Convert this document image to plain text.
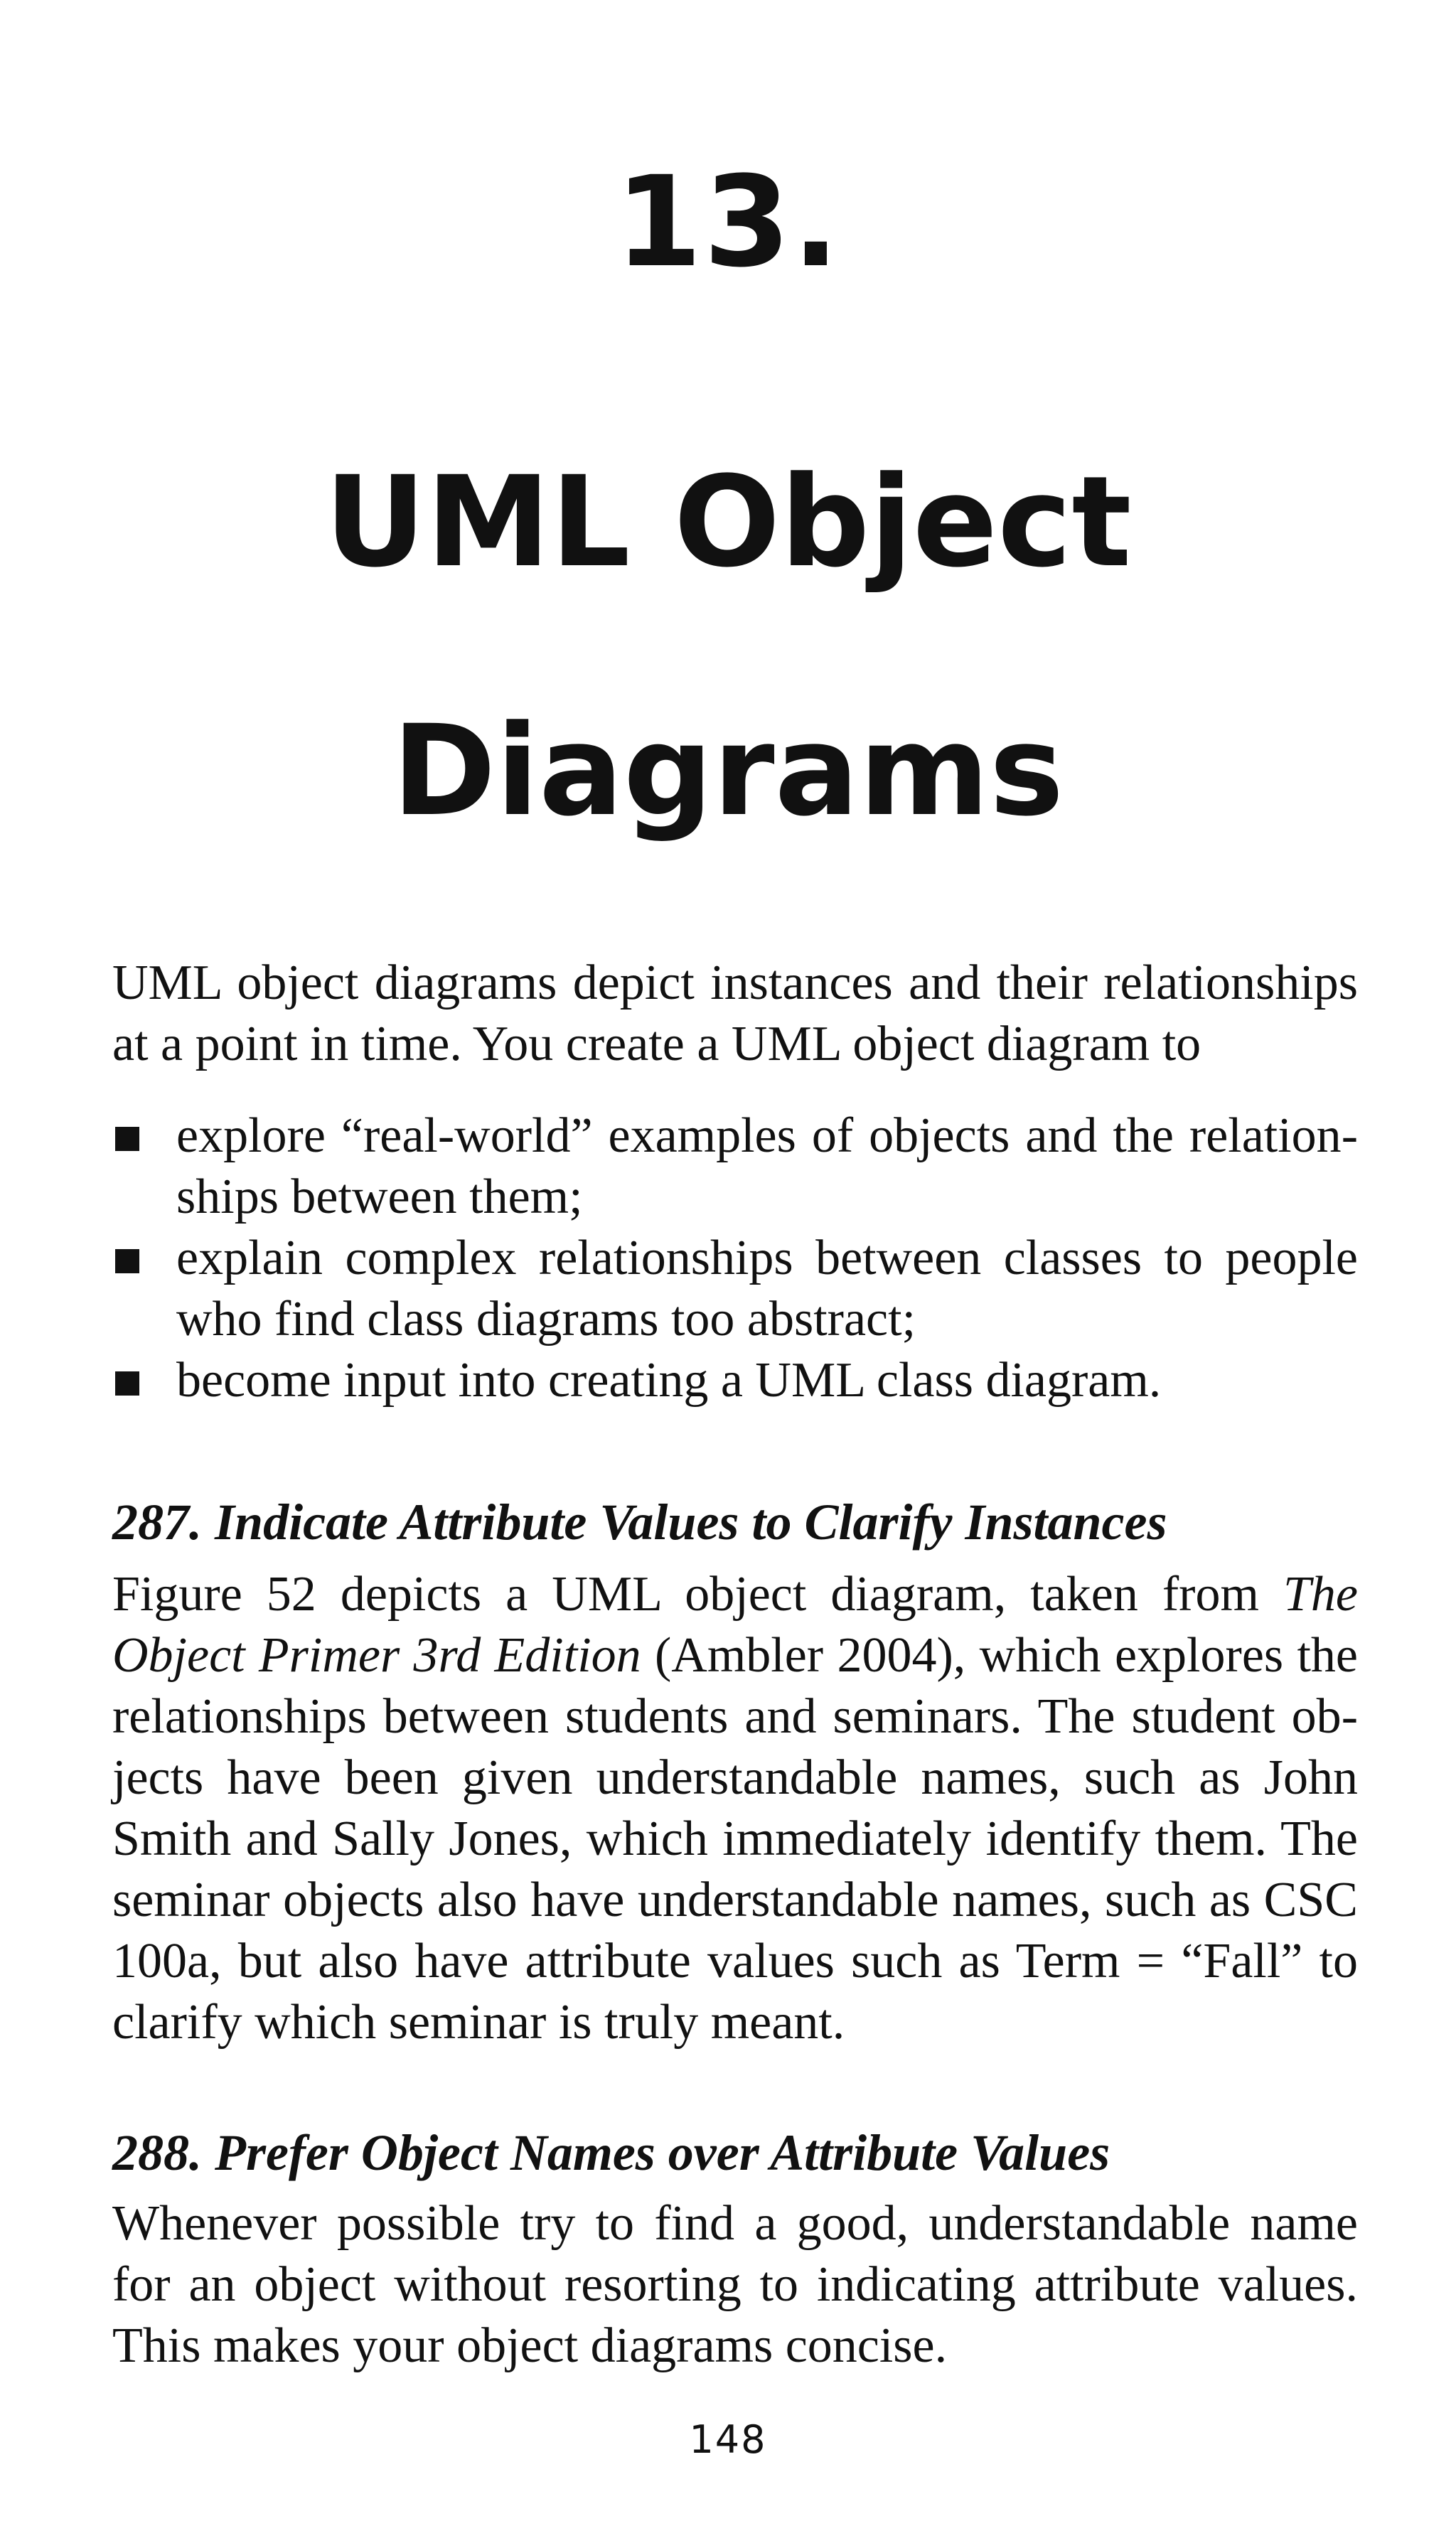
13.
UML Object
Diagrams

UML object diagrams depict instances and their relationships at a point in time. You create a UML object diagram to

explore “real-world” examples of objects and the relationships between them;
explain complex relationships between classes to people who find class diagrams too abstract;
become input into creating a UML class diagram.
287. Indicate Attribute Values to Clarify Instances

Figure 52 depicts a UML object diagram, taken from The Object Primer 3rd Edition (Ambler 2004), which explores the relationships between students and seminars. The student objects have been given understandable names, such as John Smith and Sally Jones, which immediately identify them. The seminar objects also have understandable names, such as CSC 100a, but also have attribute values such as Term = “Fall” to clarify which seminar is truly meant.

288. Prefer Object Names over Attribute Values

Whenever possible try to find a good, understandable name for an object without resorting to indicating attribute values. This makes your object diagrams concise.

148
